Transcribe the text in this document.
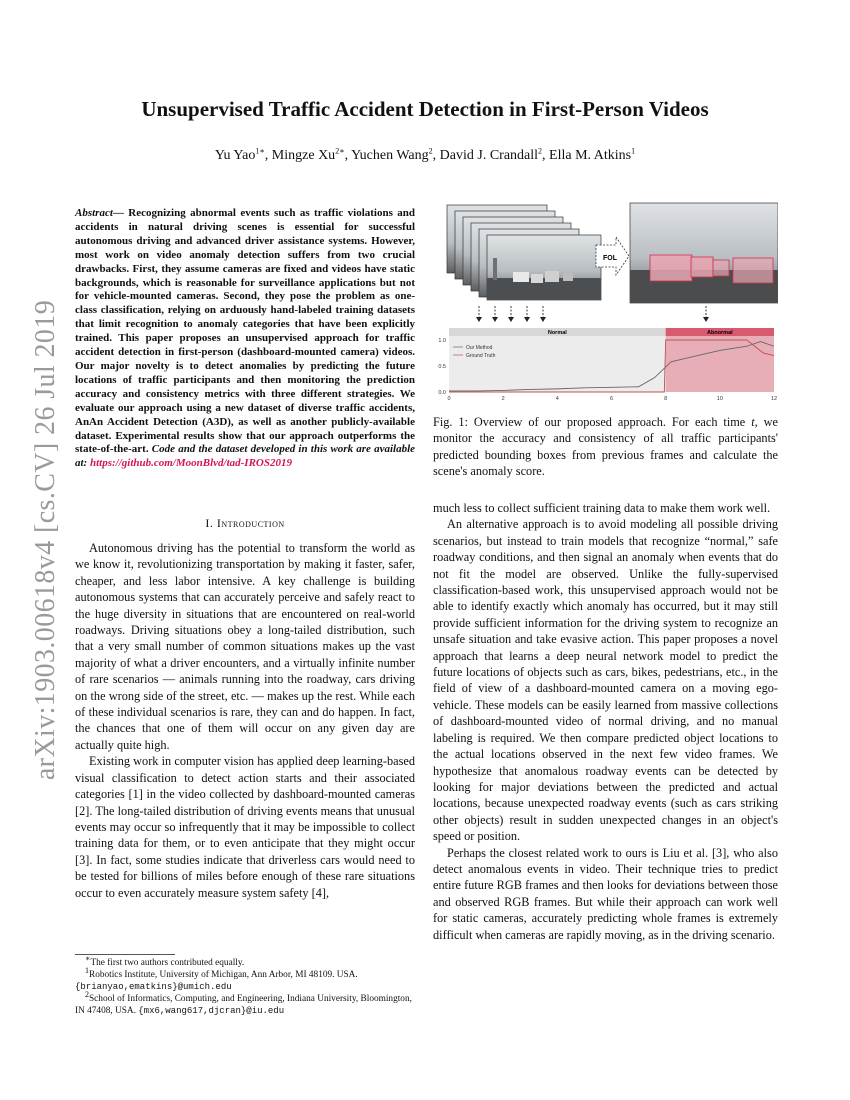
arXiv:1903.00618v4 [cs.CV] 26 Jul 2019
Unsupervised Traffic Accident Detection in First-Person Videos
Yu Yao$^{1∗}$, Mingze $Xu^{2∗}$, Yuchen Wang$^2$, David J. Crandall$^2$, Ella M. Atkins$^1$
Abstract— Recognizing abnormal events such as traffic violations and accidents in natural driving scenes is essential for successful autonomous driving and advanced driver assistance systems. However, most work on video anomaly detection suffers from two crucial drawbacks. First, they assume cameras are fixed and videos have static backgrounds, which is reasonable for surveillance applications but not for vehicle-mounted cameras. Second, they pose the problem as one-class classification, relying on arduously hand-labeled training datasets that limit recognition to anomaly categories that have been explicitly trained. This paper proposes an unsupervised approach for traffic accident detection in first-person (dashboard-mounted camera) videos. Our major novelty is to detect anomalies by predicting the future locations of traffic participants and then monitoring the prediction accuracy and consistency metrics with three different strategies. We evaluate our approach using a new dataset of diverse traffic accidents, AnAn Accident Detection (A3D), as well as another publicly-available dataset. Experimental results show that our approach outperforms the state-of-the-art. Code and the dataset developed in this work are available at: https://github.com/MoonBlvd/tad-IROS2019
I. Introduction

Autonomous driving has the potential to transform the world as we know it, revolutionizing transportation by making it faster, safer, cheaper, and less labor intensive. A key challenge is building autonomous systems that can accurately perceive and safely react to the huge diversity in situations that are encountered on real-world roadways. Driving situations obey a long-tailed distribution, such that a very small number of common situations makes up the vast majority of what a driver encounters, and a virtually infinite number of rare scenarios — animals running into the roadway, cars driving on the wrong side of the street, etc. — makes up the rest. While each of these individual scenarios is rare, they can and do happen. In fact, the chances that one of them will occur on any given day are actually quite high.

Existing work in computer vision has applied deep learning-based visual classification to detect action starts and their associated categories [1] in the video collected by dashboard-mounted cameras [2]. The long-tailed distribution of driving events means that unusual events may occur so infrequently that it may be impossible to collect training data for them, or to even anticipate that they might occur [3]. In fact, some studies indicate that driverless cars would need to be tested for billions of miles before enough of these rare situations occur to even accurately measure system safety [4],

∗The first two authors contributed equally.

1Robotics Institute, University of Michigan, Ann Arbor, MI 48109. USA. {brianyao,ematkins}@umich.edu

2School of Informatics, Computing, and Engineering, Indiana University, Bloomington, IN 47408, USA. {mx6,wang617,djcran}@iu.edu

FOL
Normal	Abnormal
0.0
0.5
1.0
0	2	4	6	8	10	12
Our Method
Ground Truth
Fig. 1: Overview of our proposed approach. For each time t, we monitor the accuracy and consistency of all traffic participants' predicted bounding boxes from previous frames and calculate the scene's anomaly score.

much less to collect sufficient training data to make them work well.

An alternative approach is to avoid modeling all possible driving scenarios, but instead to train models that recognize “normal,” safe roadway conditions, and then signal an anomaly when events that do not fit the model are observed. Unlike the fully-supervised classification-based work, this unsupervised approach would not be able to identify exactly which anomaly has occurred, but it may still provide sufficient information for the driving system to recognize an unsafe situation and take evasive action. This paper proposes a novel approach that learns a deep neural network model to predict the future locations of objects such as cars, bikes, pedestrians, etc., in the field of view of a dashboard-mounted camera on a moving ego-vehicle. These models can be easily learned from massive collections of dashboard-mounted video of normal driving, and no manual labeling is required. We then compare predicted object locations to the actual locations observed in the next few video frames. We hypothesize that anomalous roadway events can be detected by looking for major deviations between the predicted and actual locations, because unexpected roadway events (such as cars striking other objects) result in sudden unexpected changes in an object's speed or position.

Perhaps the closest related work to ours is Liu et al. [3], who also detect anomalous events in video. Their technique tries to predict entire future RGB frames and then looks for deviations between those and observed RGB frames. But while their approach can work well for static cameras, accurately predicting whole frames is extremely difficult when cameras are rapidly moving, as in the driving scenario.
